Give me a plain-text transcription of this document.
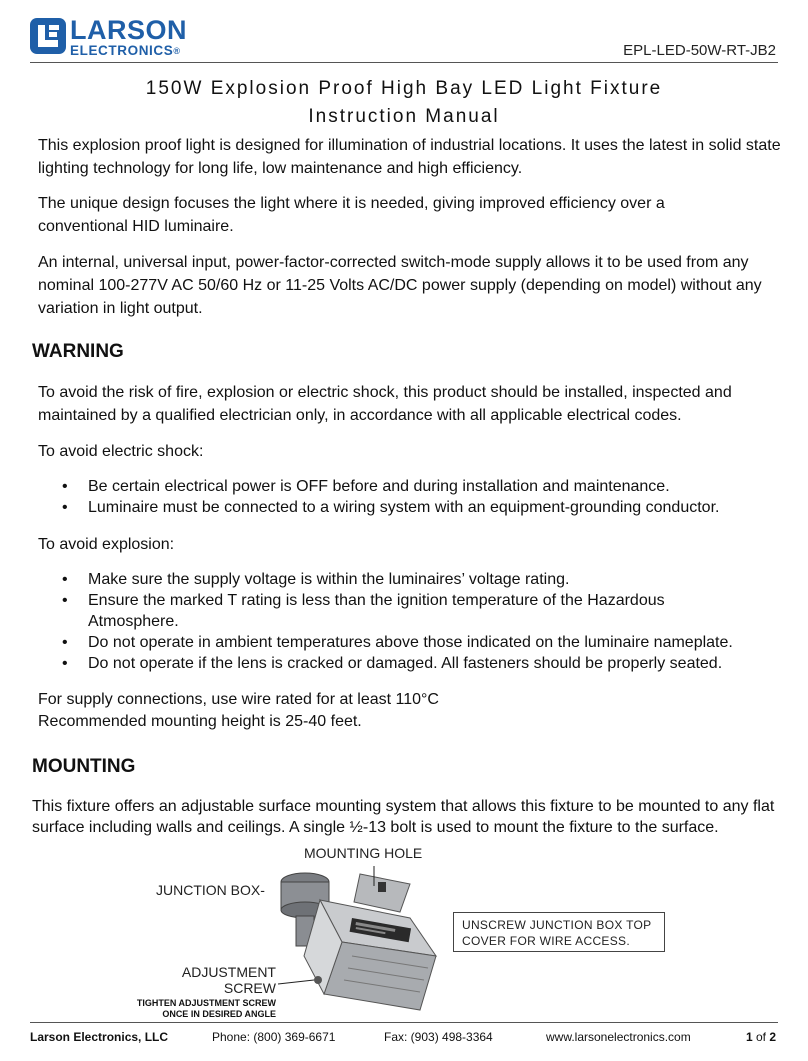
LARSON
ELECTRONICS®	EPL-LED-50W-RT-JB2
150W Explosion Proof High Bay LED Light Fixture
Instruction Manual

This explosion proof light is designed for illumination of industrial locations. It uses the latest in solid state lighting technology for long life, low maintenance and high efficiency.

The unique design focuses the light where it is needed, giving improved efficiency over a conventional HID luminaire.

An internal, universal input, power-factor-corrected switch-mode supply allows it to be used from any nominal 100-277V AC 50/60 Hz or 11-25 Volts AC/DC power supply (depending on model) without any variation in light output.

WARNING

To avoid the risk of fire, explosion or electric shock, this product should be installed, inspected and maintained by a qualified electrician only, in accordance with all applicable electrical codes.

To avoid electric shock:

• Be certain electrical power is OFF before and during installation and maintenance.
• Luminaire must be connected to a wiring system with an equipment-grounding conductor.

To avoid explosion:

• Make sure the supply voltage is within the luminaires’ voltage rating.
• Ensure the marked T rating is less than the ignition temperature of the Hazardous Atmosphere.
• Do not operate in ambient temperatures above those indicated on the luminaire nameplate.
• Do not operate if the lens is cracked or damaged. All fasteners should be properly seated.

For supply connections, use wire rated for at least 110°C

Recommended mounting height is 25-40 feet.

MOUNTING

This fixture offers an adjustable surface mounting system that allows this fixture to be mounted to any flat surface including walls and ceilings. A single ½-13 bolt is used to mount the fixture to the surface.

MOUNTING HOLE
JUNCTION BOX-
ADJUSTMENT
SCREW
TIGHTEN ADJUSTMENT SCREW
ONCE IN DESIRED ANGLE
UNSCREW JUNCTION BOX TOP COVER FOR WIRE ACCESS.
Larson Electronics, LLC	Phone: (800) 369-6671	Fax: (903) 498-3364	www.larsonelectronics.com	1 of 2
